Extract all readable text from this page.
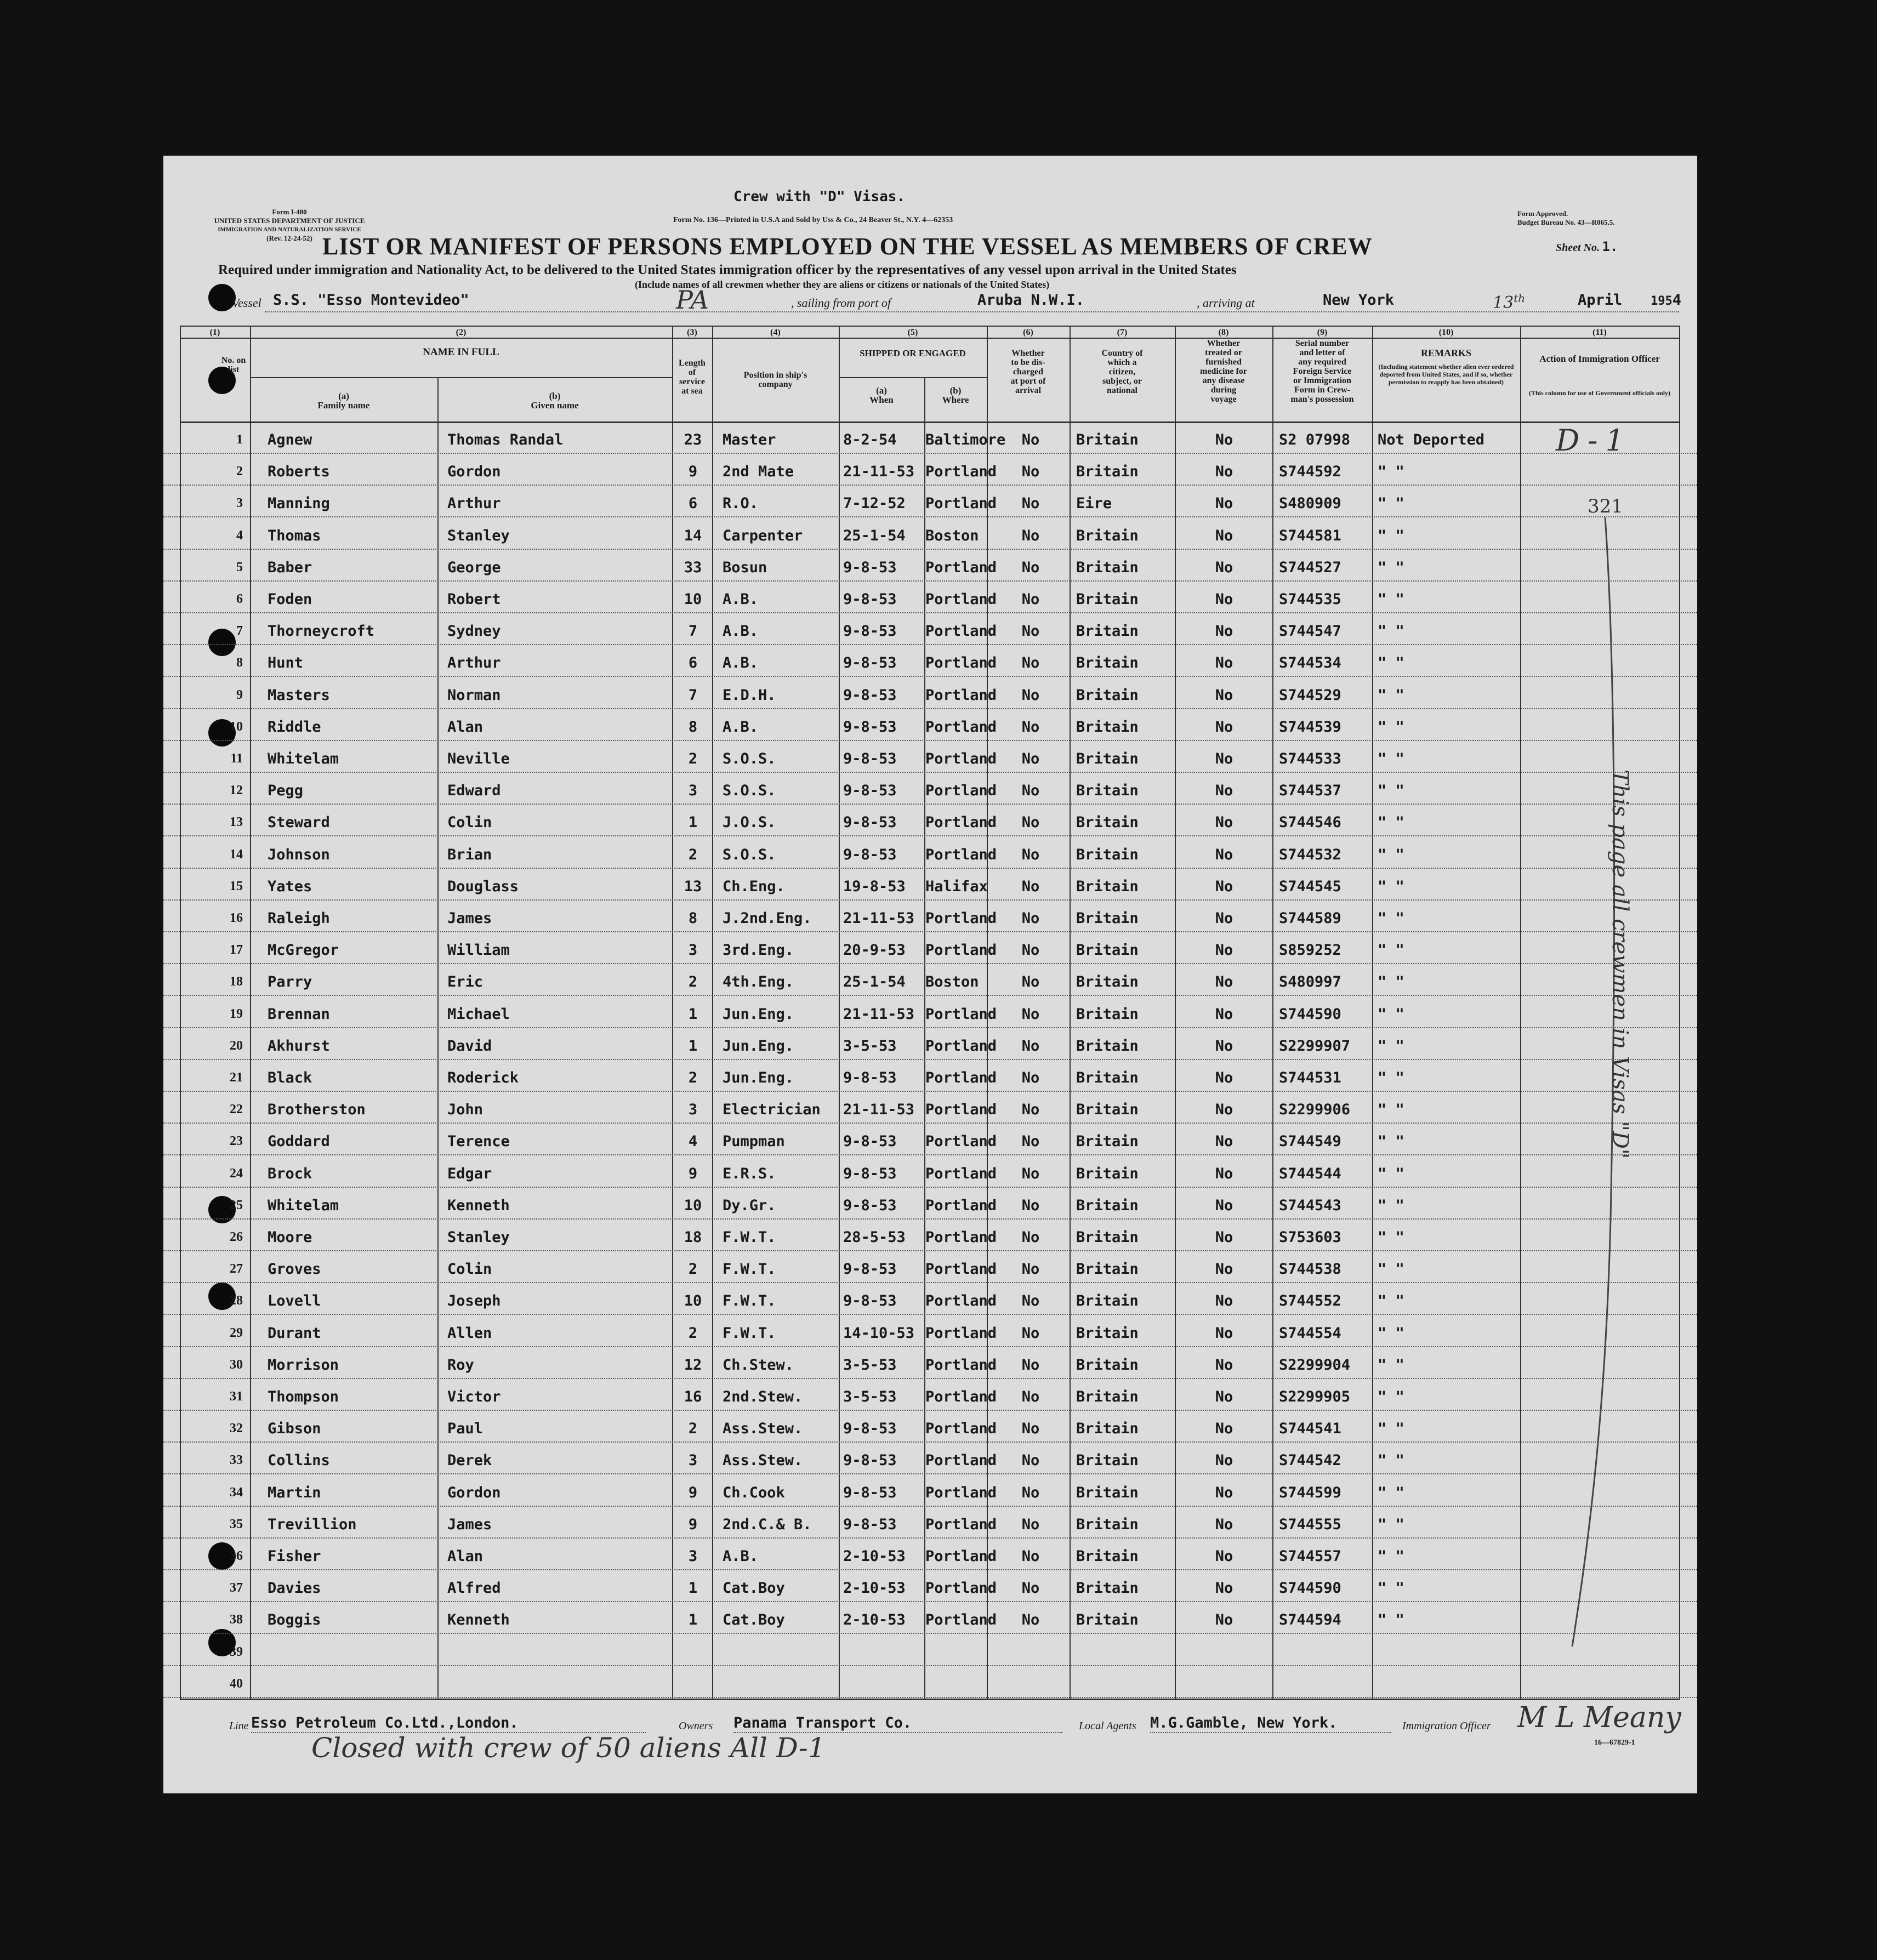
Form I-480
UNITED STATES DEPARTMENT OF JUSTICE
IMMIGRATION AND NATURALIZATION SERVICE
(Rev. 12-24-52)
Crew with "D" Visas.
Form No. 136—Printed in U.S.A and Sold by Uss & Co., 24 Beaver St., N.Y. 4—62353
Form Approved.
Budget Bureau No. 43—R065.5.
Sheet No. 1.
LIST OR MANIFEST OF PERSONS EMPLOYED ON THE VESSEL AS MEMBERS OF CREW
Required under immigration and Nationality Act, to be delivered to the United States immigration officer by the representatives of any vessel upon arrival in the United States
(Include names of all crewmen whether they are aliens or citizens or nationals of the United States)
Vessel S.S. "Esso Montevideo"	PA	, sailing from port of	Aruba N.W.I.	, arriving at	New York	13th	April 1954
(1)	(2)	(3)	(4)	(5)	(6)	(7)	(8)	(9)	(10)	(11)
No. on list
NAME IN FULL
(a)
Family name
(b)
Given name
Length
of
service
at sea
Position in ship's
company
SHIPPED OR ENGAGED
(a)
When
(b)
Where
Whether
to be dis-
charged
at port of
arrival
Country of
which a
citizen,
subject, or
national
Whether
treated or
furnished
medicine for
any disease
during
voyage
Serial number
and letter of
any required
Foreign Service
or Immigration
Form in Crew-
man's possession
REMARKS
(Including statement whether alien ever ordered deported from United States, and if so, whether permission to reapply has been obtained)
Action of Immigration Officer
(This column for use of Government officials only)
1 Agnew	Thomas Randal	23	Master	8-2-54 Baltimore	No	Britain	No	S2 07998 Not Deported
2 Roberts	Gordon	9	2nd Mate	21-11-53 Portland	No	Britain	No	S744592 " "
3 Manning	Arthur	6	R.O.	7-12-52 Portland	No	Eire	No	S480909 " "
4 Thomas	Stanley	14	Carpenter	25-1-54 Boston	No	Britain	No	S744581 " "
5 Baber	George	33	Bosun	9-8-53 Portland	No	Britain	No	S744527 " "
6 Foden	Robert	10	A.B.	9-8-53 Portland	No	Britain	No	S744535 " "
7 Thorneycroft	Sydney	7	A.B.	9-8-53 Portland	No	Britain	No	S744547 " "
8 Hunt	Arthur	6	A.B.	9-8-53 Portland	No	Britain	No	S744534 " "
9 Masters	Norman	7	E.D.H.	9-8-53 Portland	No	Britain	No	S744529 " "
10 Riddle	Alan	8	A.B.	9-8-53 Portland	No	Britain	No	S744539 " "
11 Whitelam	Neville	2	S.O.S.	9-8-53 Portland	No	Britain	No	S744533 " "
12 Pegg	Edward	3	S.O.S.	9-8-53 Portland	No	Britain	No	S744537 " "
13 Steward	Colin	1	J.O.S.	9-8-53 Portland	No	Britain	No	S744546 " "
14 Johnson	Brian	2	S.O.S.	9-8-53 Portland	No	Britain	No	S744532 " "
15 Yates	Douglass	13	Ch.Eng.	19-8-53 Halifax	No	Britain	No	S744545 " "
16 Raleigh	James	8	J.2nd.Eng. 21-11-53 Portland	No	Britain	No	S744589 " "
17 McGregor	William	3	3rd.Eng.	20-9-53 Portland	No	Britain	No	S859252 " "
18 Parry	Eric	2	4th.Eng.	25-1-54 Boston	No	Britain	No	S480997 " "
19 Brennan	Michael	1	Jun.Eng.	21-11-53 Portland	No	Britain	No	S744590 " "
20 Akhurst	David	1	Jun.Eng.	3-5-53 Portland	No	Britain	No	S2299907 " "
21 Black	Roderick	2	Jun.Eng.	9-8-53 Portland	No	Britain	No	S744531 " "
22 Brotherston	John	3	Electrician 21-11-53 Portland	No	Britain	No	S2299906 " "
23 Goddard	Terence	4	Pumpman	9-8-53 Portland	No	Britain	No	S744549 " "
24 Brock	Edgar	9	E.R.S.	9-8-53 Portland	No	Britain	No	S744544 " "
25 Whitelam	Kenneth	10	Dy.Gr.	9-8-53 Portland	No	Britain	No	S744543 " "
26 Moore	Stanley	18	F.W.T.	28-5-53 Portland	No	Britain	No	S753603 " "
27 Groves	Colin	2	F.W.T.	9-8-53 Portland	No	Britain	No	S744538 " "
28 Lovell	Joseph	10	F.W.T.	9-8-53 Portland	No	Britain	No	S744552 " "
29 Durant	Allen	2	F.W.T.	14-10-53 Portland	No	Britain	No	S744554 " "
30 Morrison	Roy	12	Ch.Stew.	3-5-53 Portland	No	Britain	No	S2299904 " "
31 Thompson	Victor	16	2nd.Stew.	3-5-53 Portland	No	Britain	No	S2299905 " "
32 Gibson	Paul	2	Ass.Stew.	9-8-53 Portland	No	Britain	No	S744541 " "
33 Collins	Derek	3	Ass.Stew.	9-8-53 Portland	No	Britain	No	S744542 " "
34 Martin	Gordon	9	Ch.Cook	9-8-53 Portland	No	Britain	No	S744599 " "
35 Trevillion	James	9	2nd.C.& B. 9-8-53 Portland	No	Britain	No	S744555 " "
36 Fisher	Alan	3	A.B.	2-10-53 Portland	No	Britain	No	S744557 " "
37 Davies	Alfred	1	Cat.Boy	2-10-53 Portland	No	Britain	No	S744590 " "
38 Boggis	Kenneth	1	Cat.Boy	2-10-53 Portland	No	Britain	No	S744594 " "
39
40
D-1
321
This page all crewmen in Visas "D"
Line Esso Petroleum Co.Ltd.,London.	Owners Panama Transport Co.	Local Agents M.G.Gamble, New York.	Immigration Officer M L Meany
16—67829-1
Closed with crew of 50 aliens All D-1
